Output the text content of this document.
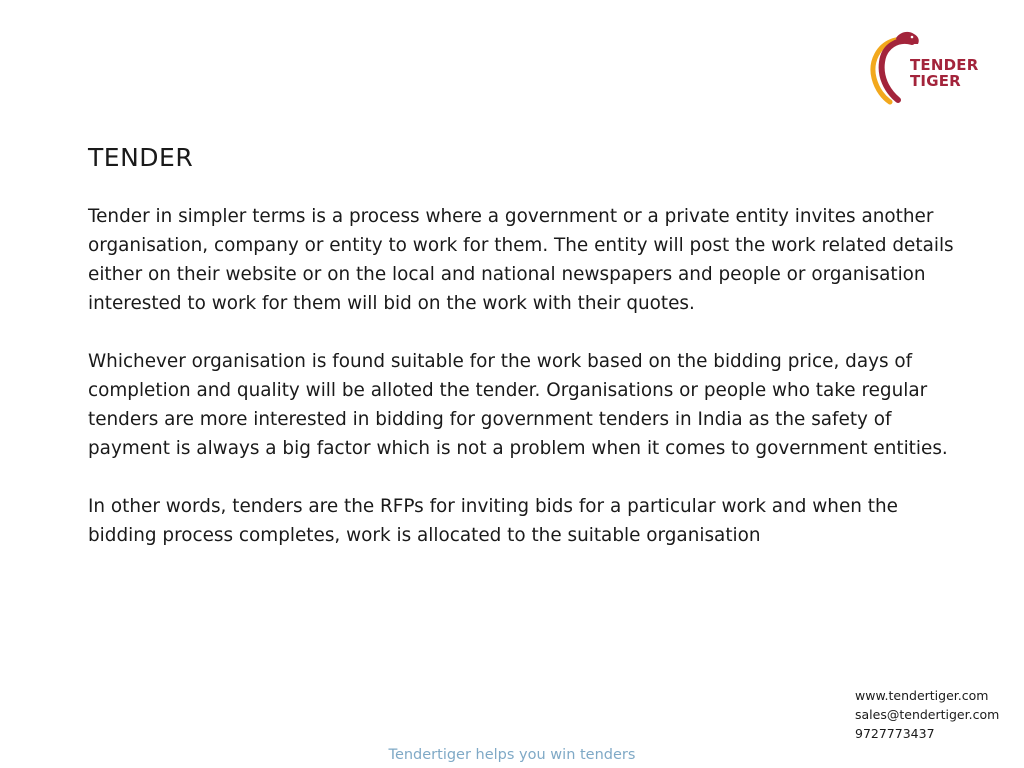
TENDER
TIGER
TENDER

Tender in simpler terms is a process where a government or a private entity invites another organisation, company or entity to work for them. The entity will post the work related details either on their website or on the local and national newspapers and people or organisation interested to work for them will bid on the work with their quotes.

Whichever organisation is found suitable for the work based on the bidding price, days of completion and quality will be alloted the tender. Organisations or people who take regular tenders are more interested in bidding for government tenders in India as the safety of payment is always a big factor which is not a problem when it comes to government entities.

In other words, tenders are the RFPs for inviting bids for a particular work and when the bidding process completes, work is allocated to the suitable organisation

www.tendertiger.com
sales@tendertiger.com
9727773437
Tendertiger helps you win tenders
